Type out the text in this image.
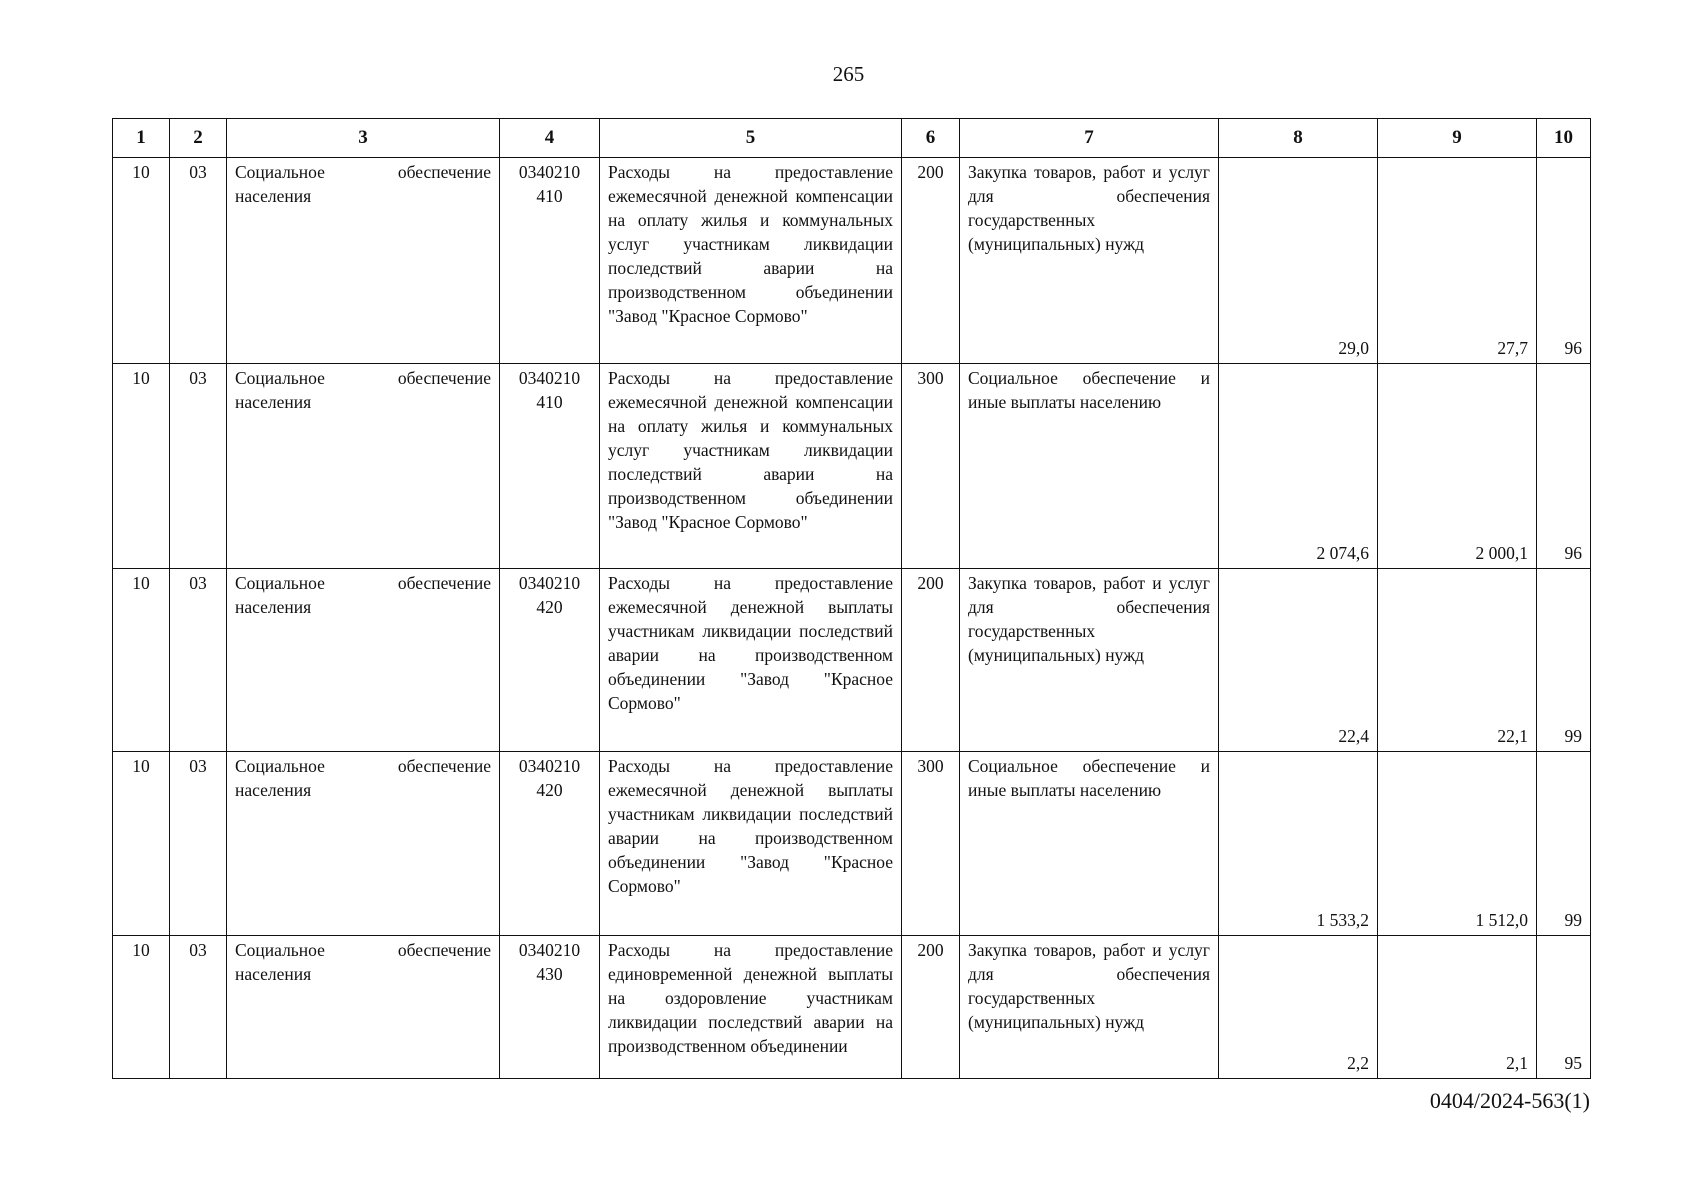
265
1	2	3	4	5	6	7	8	9	10
10	03	Социальное обеспечение населения	0340210 410	Расходы на предоставление ежемесячной денежной компенсации на оплату жилья и коммунальных услуг участникам ликвидации последствий аварии на производственном объединении "Завод "Красное Сормово"	200	Закупка товаров, работ и услуг для обеспечения государственных (муниципальных) нужд	29,0	27,7	96
10	03	Социальное обеспечение населения	0340210 410	Расходы на предоставление ежемесячной денежной компенсации на оплату жилья и коммунальных услуг участникам ликвидации последствий аварии на производственном объединении "Завод "Красное Сормово"	300	Социальное обеспечение и иные выплаты населению	2 074,6	2 000,1	96
10	03	Социальное обеспечение населения	0340210 420	Расходы на предоставление ежемесячной денежной выплаты участникам ликвидации последствий аварии на производственном объединении "Завод "Красное Сормово"	200	Закупка товаров, работ и услуг для обеспечения государственных (муниципальных) нужд	22,4	22,1	99
10	03	Социальное обеспечение населения	0340210 420	Расходы на предоставление ежемесячной денежной выплаты участникам ликвидации последствий аварии на производственном объединении "Завод "Красное Сормово"	300	Социальное обеспечение и иные выплаты населению	1 533,2	1 512,0	99
10	03	Социальное обеспечение населения	0340210 430	Расходы на предоставление единовременной денежной выплаты на оздоровление участникам ликвидации последствий аварии на производственном объединении	200	Закупка товаров, работ и услуг для обеспечения государственных (муниципальных) нужд	2,2	2,1	95
0404/2024-563(1)
